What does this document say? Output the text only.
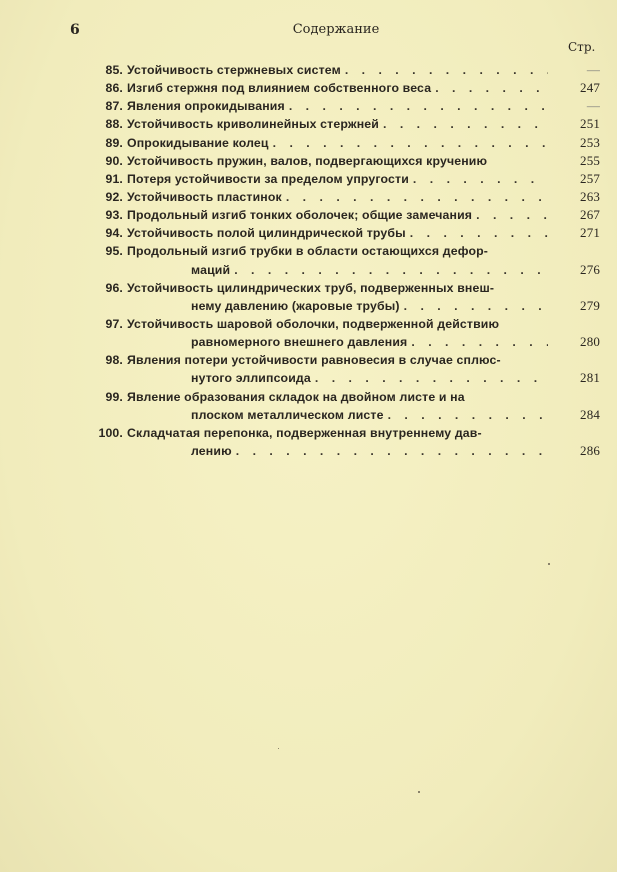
6	Содержание
Стр.
85. Устойчивость стержневых систем . . .	—
86. Изгиб стержня под влиянием собственного веса . . .	247
87. Явления опрокидывания . . .	—
88. Устойчивость криволинейных стержней . . .	251
89. Опрокидывание колец . . .	253
90. Устойчивость пружин, валов, подвергающихся кручению	255
91. Потеря устойчивости за пределом упругости . . .	257
92. Устойчивость пластинок . . .	263
93. Продольный изгиб тонких оболочек; общие замечания . . .	267
94. Устойчивость полой цилиндрической трубы . . .	271
95. Продольный изгиб трубки в области остающихся дефор-
маций . . .	276
96. Устойчивость цилиндрических труб, подверженных внеш-
нему давлению (жаровые трубы) . . .	279
97. Устойчивость шаровой оболочки, подверженной действию
равномерного внешнего давления . . .	280
98. Явления потери устойчивости равновесия в случае сплюс-
нутого эллипсоида . . .	281
99. Явление образования складок на двойном листе и на
плоском металлическом листе . . .	284
100. Складчатая перепонка, подверженная внутреннему дав-
лению . . .	286
